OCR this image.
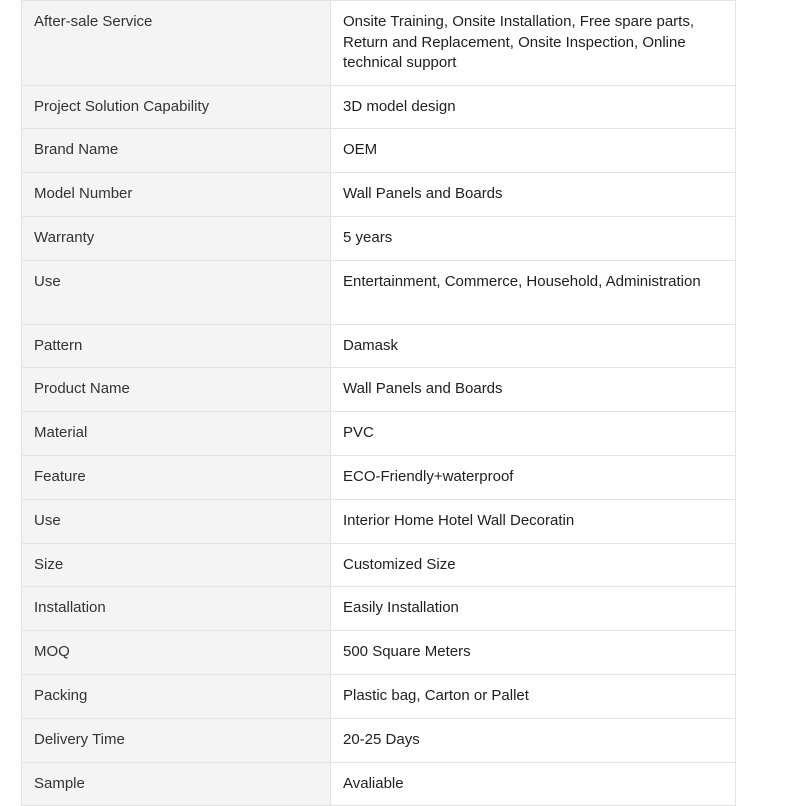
After-sale Service	Onsite Training, Onsite Installation, Free spare parts, Return and Replacement, Onsite Inspection, Online technical support
Project Solution Capability	3D model design
Brand Name	OEM
Model Number	Wall Panels and Boards
Warranty	5 years
Use	Entertainment, Commerce, Household, Administration
Pattern	Damask
Product Name	Wall Panels and Boards
Material	PVC
Feature	ECO-Friendly+waterproof
Use	Interior Home Hotel Wall Decoratin
Size	Customized Size
Installation	Easily Installation
MOQ	500 Square Meters
Packing	Plastic bag, Carton or Pallet
Delivery Time	20-25 Days
Sample	Avaliable
